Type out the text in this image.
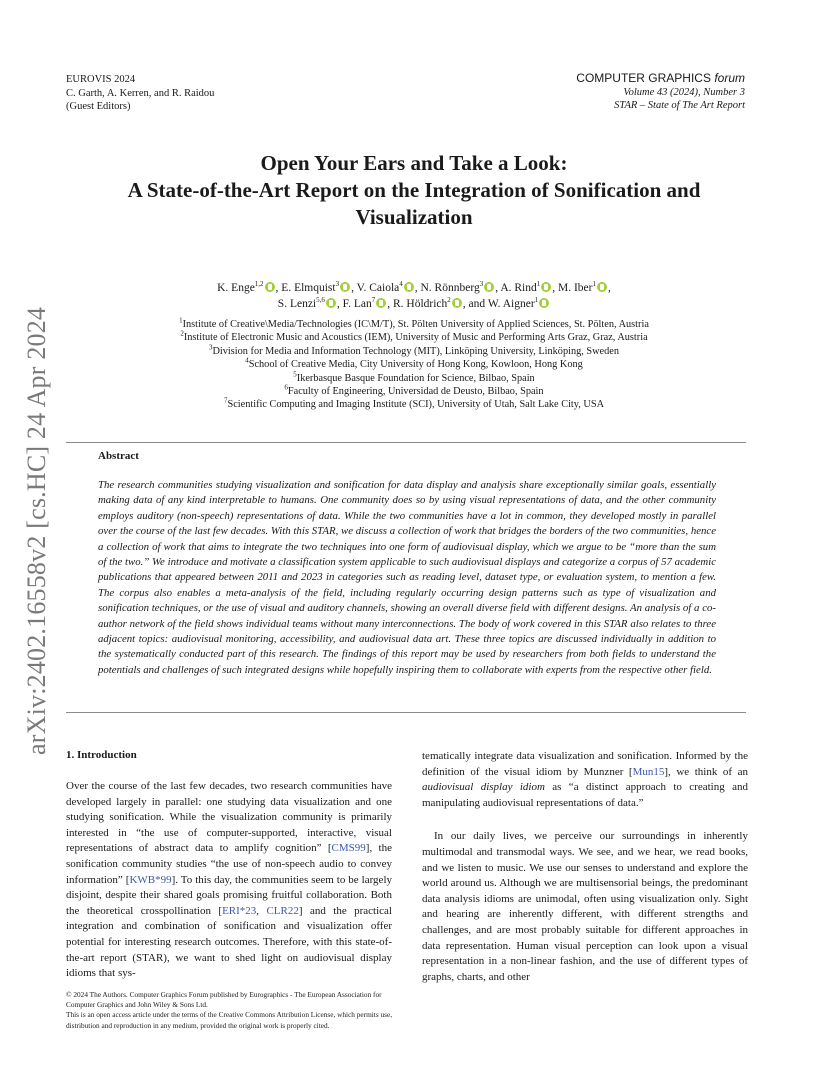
EUROVIS 2024
C. Garth, A. Kerren, and R. Raidou
(Guest Editors)
COMPUTER GRAPHICS forum
Volume 43 (2024), Number 3
STAR – State of The Art Report
arXiv:2402.16558v2 [cs.HC] 24 Apr 2024
Open Your Ears and Take a Look:
A State-of-the-Art Report on the Integration of Sonification and
Visualization
K. Enge$^{1,2}$ , E. Elmquist$^3$ , V. Caiola$^4$ , N. Rönnberg$^3$ , A. Rind$^1$ , M. Iber$^1$ ,
S. Lenzi$^{5,6}$ , F. Lan$^7$ , R. Höldrich$^2$ , and W. Aigner$^1$
$^1$Institute of Creative\Media/Technologies (IC\M/T), St. Pölten University of Applied Sciences, St. Pölten, Austria
$^2$Institute of Electronic Music and Acoustics (IEM), University of Music and Performing Arts Graz, Graz, Austria
$^3$Division for Media and Information Technology (MIT), Linköping University, Linköping, Sweden
$^4$School of Creative Media, City University of Hong Kong, Kowloon, Hong Kong
$^5$Ikerbasque Basque Foundation for Science, Bilbao, Spain
$^6$Faculty of Engineering, Universidad de Deusto, Bilbao, Spain
$^7$Scientific Computing and Imaging Institute (SCI), University of Utah, Salt Lake City, USA
Abstract
The research communities studying visualization and sonification for data display and analysis share exceptionally similar goals, essentially making data of any kind interpretable to humans. One community does so by using visual representations of data, and the other community employs auditory (non-speech) representations of data. While the two communities have a lot in common, they developed mostly in parallel over the course of the last few decades. With this STAR, we discuss a collection of work that bridges the borders of the two communities, hence a collection of work that aims to integrate the two techniques into one form of audiovisual display, which we argue to be “more than the sum of the two.” We introduce and motivate a classification system applicable to such audiovisual displays and categorize a corpus of 57 academic publications that appeared between 2011 and 2023 in categories such as reading level, dataset type, or evaluation system, to mention a few. The corpus also enables a meta-analysis of the field, including regularly occurring design patterns such as type of visualization and sonification techniques, or the use of visual and auditory channels, showing an overall diverse field with different designs. An analysis of a co-author network of the field shows individual teams without many interconnections. The body of work covered in this STAR also relates to three adjacent topics: audiovisual monitoring, accessibility, and audiovisual data art. These three topics are discussed individually in addition to the systematically conducted part of this research. The findings of this report may be used by researchers from both fields to understand the potentials and challenges of such integrated designs while hopefully inspiring them to collaborate with experts from the respective other field.
1. Introduction

Over the course of the last few decades, two research communities have developed largely in parallel: one studying data visualization and one studying sonification. While the visualization community is primarily interested in “the use of computer-supported, interactive, visual representations of abstract data to amplify cognition” [CMS99], the sonification community studies “the use of non-speech audio to convey information” [KWB*99]. To this day, the communities seem to be largely disjoint, despite their shared goals promising fruitful collaboration. Both the theoretical crosspollination [ERI*23, CLR22] and the practical integration and combination of sonification and visualization offer potential for interesting research outcomes. Therefore, with this state-of-the-art report (STAR), we want to shed light on audiovisual display idioms that sys-

tematically integrate data visualization and sonification. Informed by the definition of the visual idiom by Munzner [Mun15], we think of an audiovisual display idiom as “a distinct approach to creating and manipulating audiovisual representations of data.”

In our daily lives, we perceive our surroundings in inherently multimodal and transmodal ways. We see, and we hear, we read books, and we listen to music. We use our senses to understand and explore the world around us. Although we are multisensorial beings, the predominant data analysis idioms are unimodal, often using visualization only. Sight and hearing are inherently different, with different strengths and challenges, and are most probably suitable for different approaches in data representation. Human visual perception can look upon a visual representation in a non-linear fashion, and the use of different types of graphs, charts, and other

© 2024 The Authors. Computer Graphics Forum published by Eurographics - The European Association for Computer Graphics and John Wiley & Sons Ltd.
This is an open access article under the terms of the Creative Commons Attribution License, which permits use, distribution and reproduction in any medium, provided the original work is properly cited.
